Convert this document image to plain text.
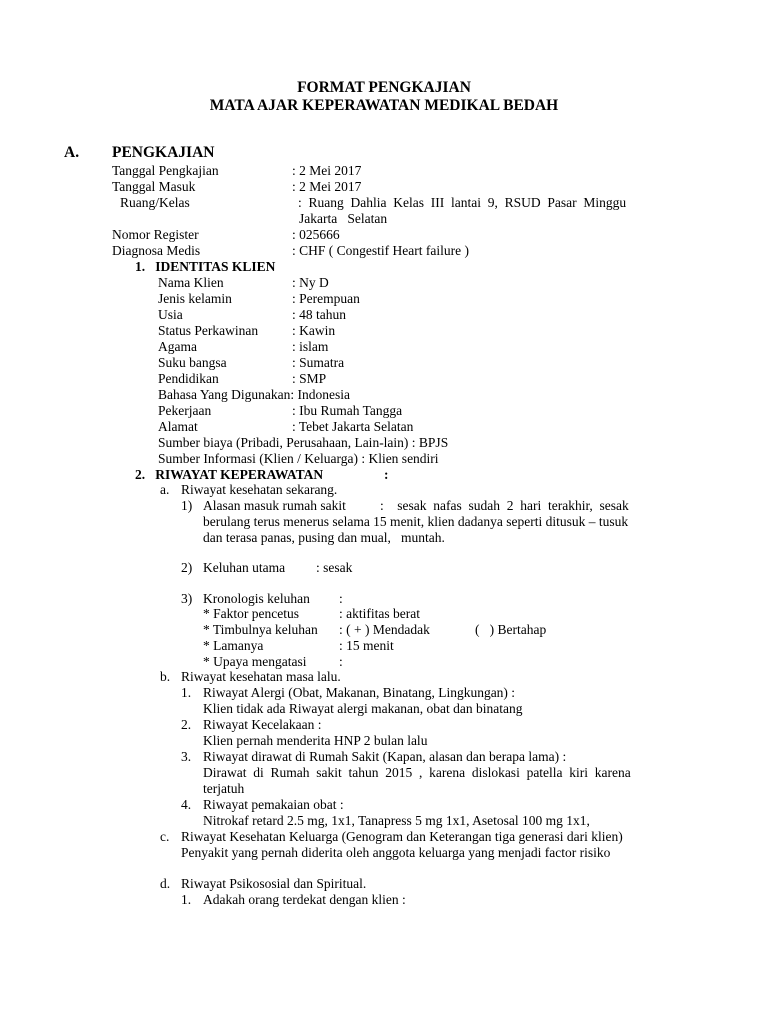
FORMAT PENGKAJIAN
MATA AJAR KEPERAWATAN MEDIKAL BEDAH
A. PENGKAJIAN
Tanggal Pengkajian	: 2 Mei 2017
Tanggal Masuk	: 2 Mei 2017
Ruang/Kelas	:  Ruang  Dahlia  Kelas  III  lantai  9,  RSUD  Pasar  Minggu
Jakarta   Selatan
Nomor Register	: 025666
Diagnosa Medis	: CHF ( Congestif Heart failure )
1.   IDENTITAS KLIEN
Nama Klien	: Ny D
Jenis kelamin	: Perempuan
Usia	: 48 tahun
Status Perkawinan	: Kawin
Agama	: islam
Suku bangsa	: Sumatra
Pendidikan	: SMP
Bahasa Yang Digunakan: Indonesia
Pekerjaan	: Ibu Rumah Tangga
Alamat	: Tebet Jakarta Selatan
Sumber biaya (Pribadi, Perusahaan, Lain-lain) : BPJS
Sumber Informasi (Klien / Keluarga) : Klien sendiri
2.   RIWAYAT KEPERAWATAN	:
a. Riwayat kesehatan sekarang.
1) Alasan masuk rumah sakit	:    sesak  nafas  sudah  2  hari  terakhir,  sesak
berulang terus menerus selama 15 menit, klien dadanya seperti ditusuk – tusuk
dan terasa panas, pusing dan mual,   muntah.
2) Keluhan utama : sesak
3) Kronologis keluhan :
* Faktor pencetus	: aktifitas berat
* Timbulnya keluhan : ( + ) Mendadak	(   ) Bertahap
* Lamanya	: 15 menit
* Upaya mengatasi :
b. Riwayat kesehatan masa lalu.
1. Riwayat Alergi (Obat, Makanan, Binatang, Lingkungan) :
Klien tidak ada Riwayat alergi makanan, obat dan binatang
2. Riwayat Kecelakaan :
Klien pernah menderita HNP 2 bulan lalu
3. Riwayat dirawat di Rumah Sakit (Kapan, alasan dan berapa lama) :
Dirawat  di  Rumah  sakit  tahun  2015  ,  karena  dislokasi  patella  kiri  karena
terjatuh
4. Riwayat pemakaian obat :
Nitrokaf retard 2.5 mg, 1x1, Tanapress 5 mg 1x1, Asetosal 100 mg 1x1,
c. Riwayat Kesehatan Keluarga (Genogram dan Keterangan tiga generasi dari klien)
Penyakit yang pernah diderita oleh anggota keluarga yang menjadi factor risiko
d. Riwayat Psikososial dan Spiritual.
1. Adakah orang terdekat dengan klien :
